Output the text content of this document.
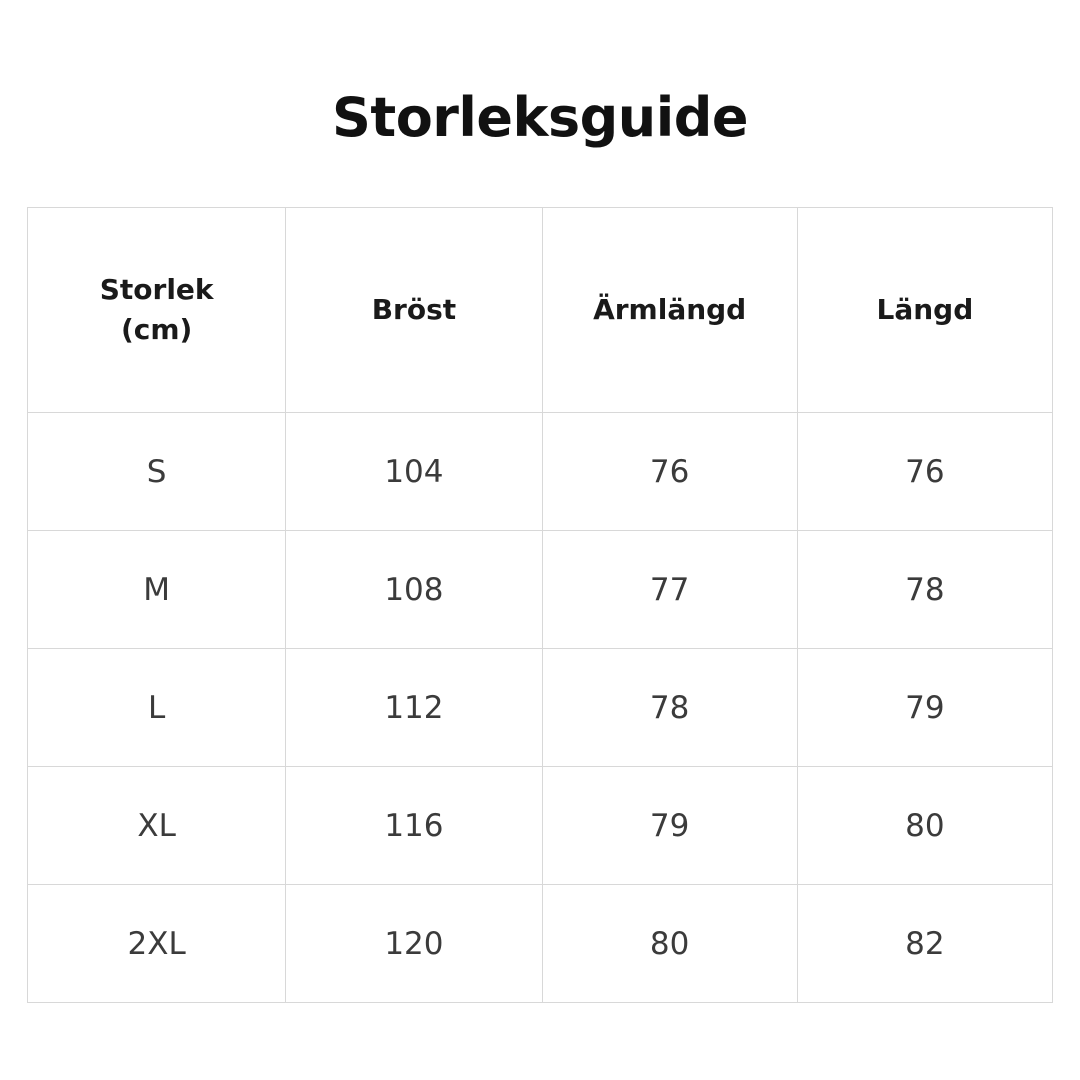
Storleksguide
Storlek
(cm)	Bröst	Ärmlängd	Längd

S	104	76	76
M	108	77	78
L	112	78	79
XL	116	79	80
2XL	120	80	82
